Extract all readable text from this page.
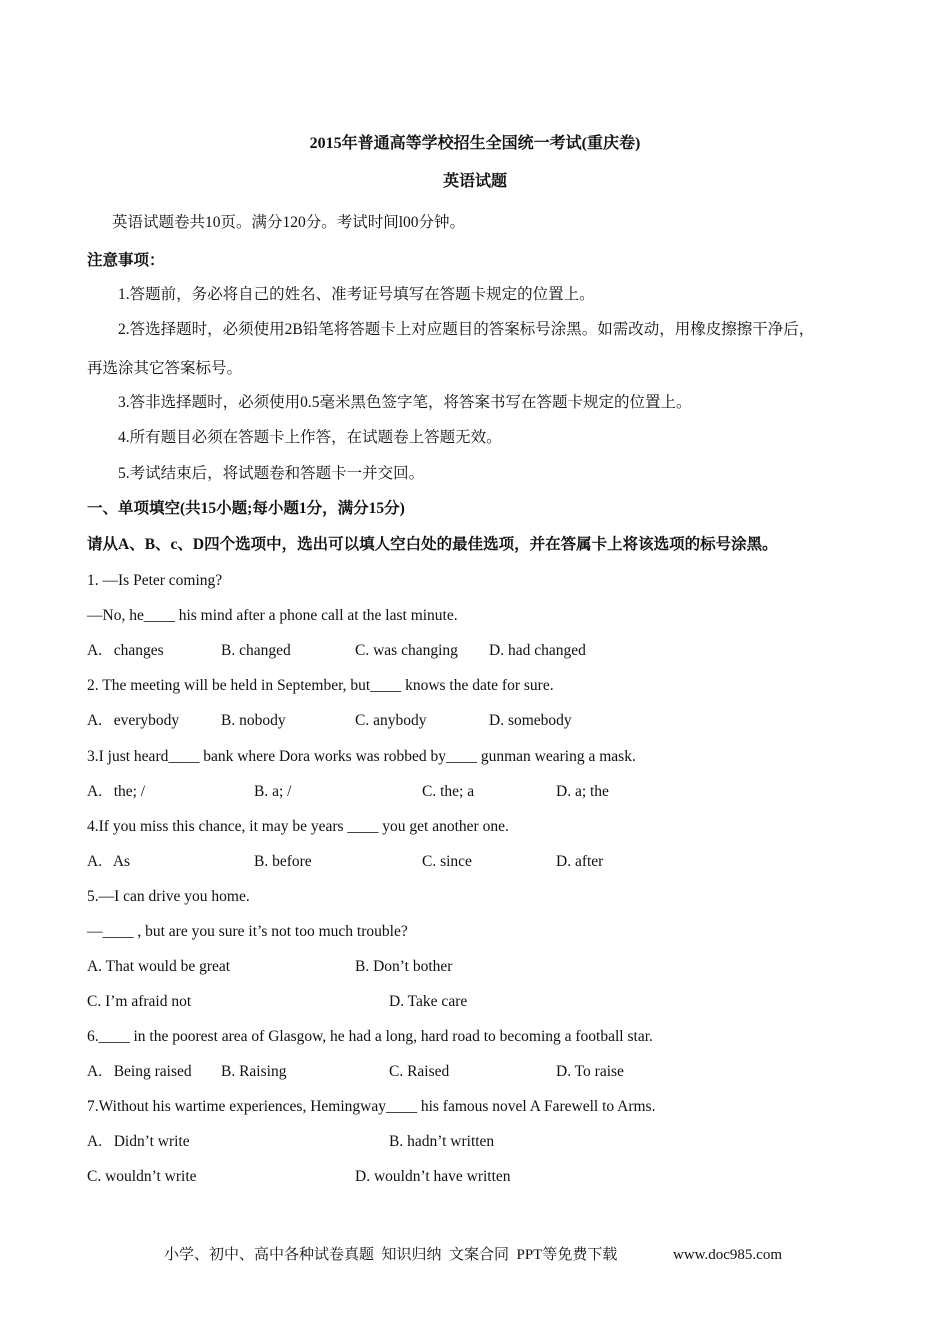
2015年普通高等学校招生全国统一考试(重庆卷)
英语试题
英语试题卷共10页。满分120分。考试时间l00分钟。
注意事项：
1.答题前，务必将自己的姓名、准考证号填写在答题卡规定的位置上。
2.答选择题时，必须使用2B铅笔将答题卡上对应题目的答案标号涂黑。如需改动，用橡皮擦擦干净后，
再选涂其它答案标号。
3.答非选择题时，必须使用0.5毫米黑色签字笔，将答案书写在答题卡规定的位置上。
4.所有题目必须在答题卡上作答，在试题卷上答题无效。
5.考试结束后，将试题卷和答题卡一并交回。
一、单项填空(共15小题;每小题1分，满分15分)
请从A、B、c、D四个选项中，选出可以填人空白处的最佳选项，并在答属卡上将该选项的标号涂黑。
1. —Is Peter coming?
—No, he____ his mind after a phone call at the last minute.
A.   changes	B. changed	C. was changing D. had changed
2. The meeting will be held in September, but____ knows the date for sure.
A.   everybody	B. nobody	C. anybody	D. somebody
3.I just heard____ bank where Dora works was robbed by____ gunman wearing a mask.
A.   the; /	B. a; /	C. the; a	D. a; the
4.If you miss this chance, it may be years ____ you get another one.
A.   As	B. before	C. since	D. after
5.—I can drive you home.
—____ , but are you sure it’s not too much trouble?
A. That would be great	B. Don’t bother
C. I’m afraid not	D. Take care
6.____ in the poorest area of Glasgow, he had a long, hard road to becoming a football star.
A.   Being raised B. Raising	C. Raised	D. To raise
7.Without his wartime experiences, Hemingway____ his famous novel A Farewell to Arms.
A.   Didn’t write	B. hadn’t written
C. wouldn’t write	D. wouldn’t have written
小学、初中、高中各种试卷真题  知识归纳  文案合同  PPT等免费下载	www.doc985.com
